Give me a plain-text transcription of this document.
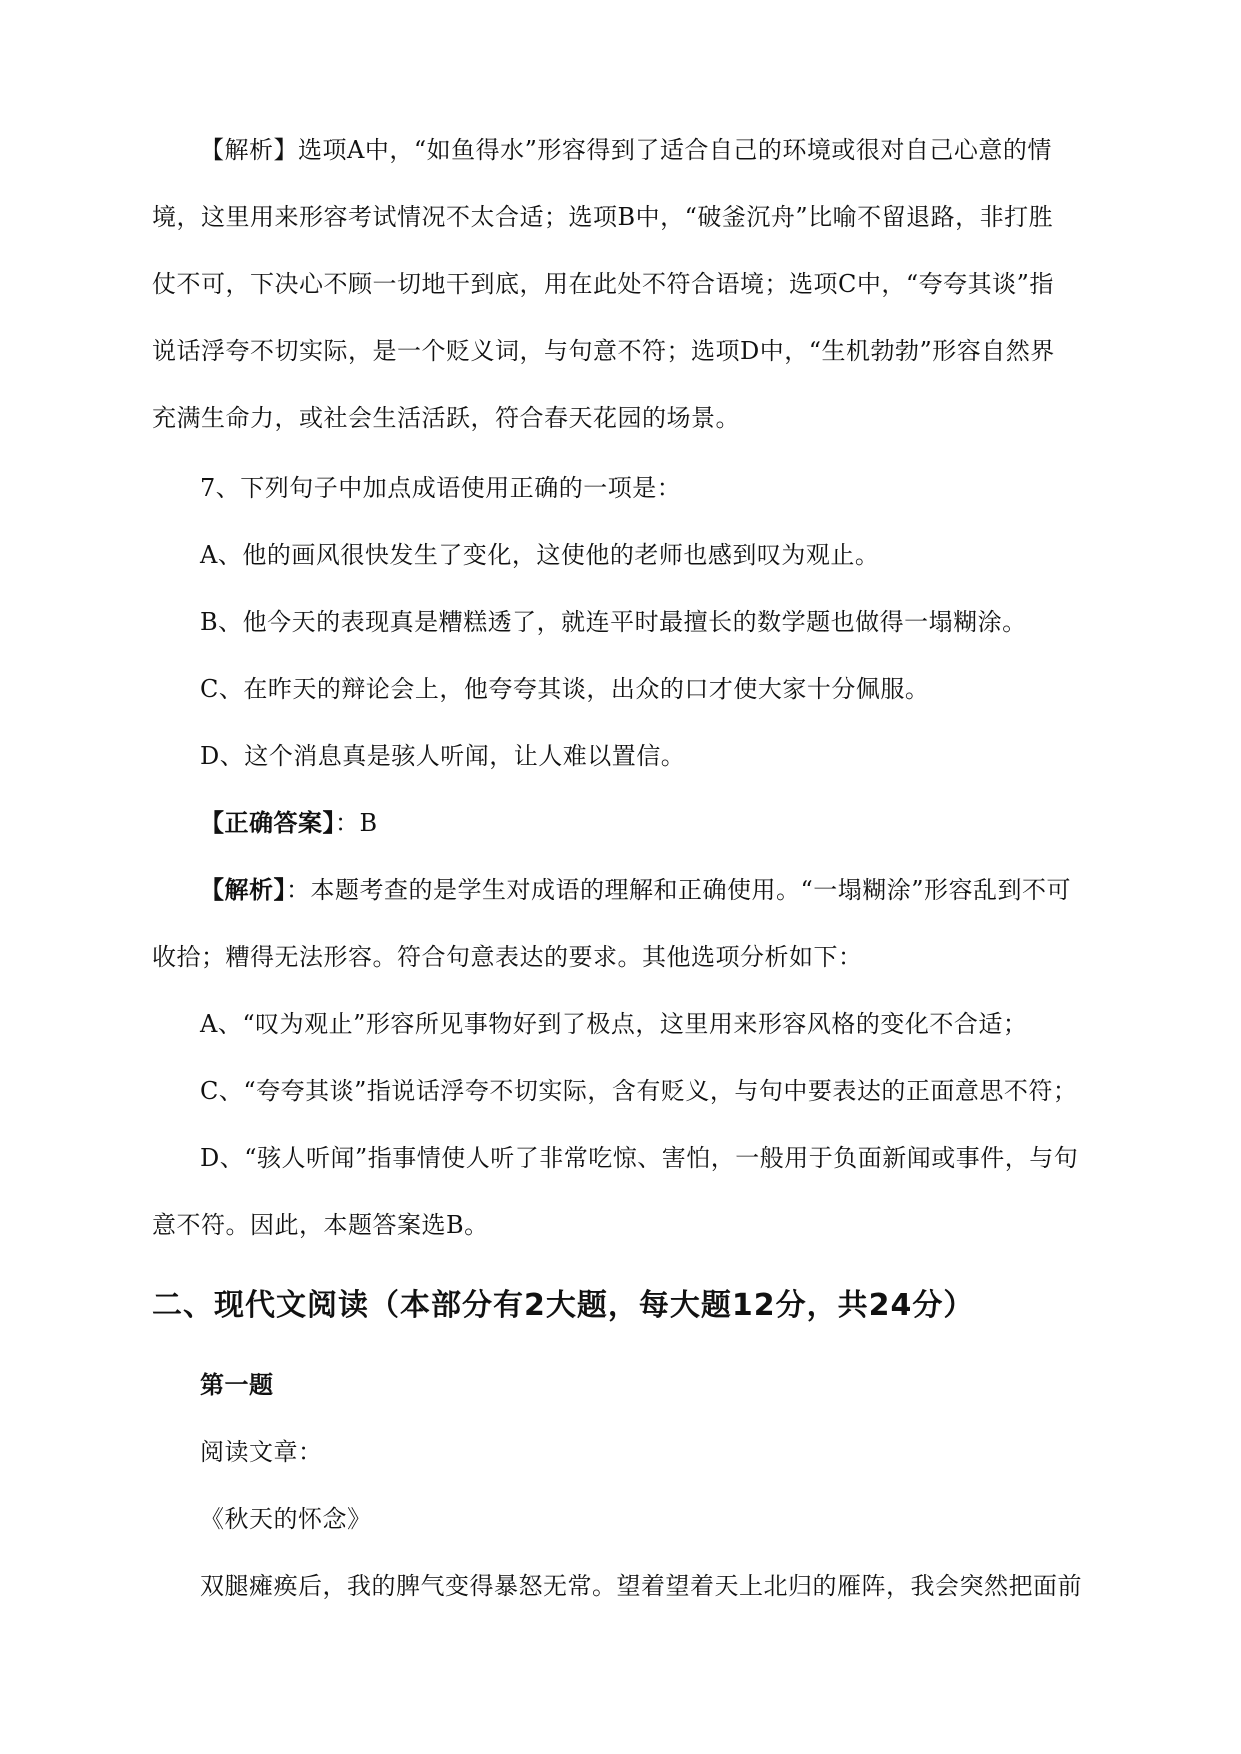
【解析】选项A中，“如鱼得水”形容得到了适合自己的环境或很对自己心意的情
境，这里用来形容考试情况不太合适；选项B中，“破釜沉舟”比喻不留退路，非打胜
仗不可，下决心不顾一切地干到底，用在此处不符合语境；选项C中，“夸夸其谈”指
说话浮夸不切实际，是一个贬义词，与句意不符；选项D中，“生机勃勃”形容自然界
充满生命力，或社会生活活跃，符合春天花园的场景。
7、下列句子中加点成语使用正确的一项是：
A、他的画风很快发生了变化，这使他的老师也感到叹为观止。
B、他今天的表现真是糟糕透了，就连平时最擅长的数学题也做得一塌糊涂。
C、在昨天的辩论会上，他夸夸其谈，出众的口才使大家十分佩服。
D、这个消息真是骇人听闻，让人难以置信。
【正确答案】：B
【解析】：本题考查的是学生对成语的理解和正确使用。“一塌糊涂”形容乱到不可
收拾；糟得无法形容。符合句意表达的要求。其他选项分析如下：
A、“叹为观止”形容所见事物好到了极点，这里用来形容风格的变化不合适；
C、“夸夸其谈”指说话浮夸不切实际，含有贬义，与句中要表达的正面意思不符；
D、“骇人听闻”指事情使人听了非常吃惊、害怕，一般用于负面新闻或事件，与句
意不符。因此，本题答案选B。
二、现代文阅读（本部分有2大题，每大题12分，共24分）
第一题
阅读文章：
《秋天的怀念》
双腿瘫痪后，我的脾气变得暴怒无常。望着望着天上北归的雁阵，我会突然把面前
